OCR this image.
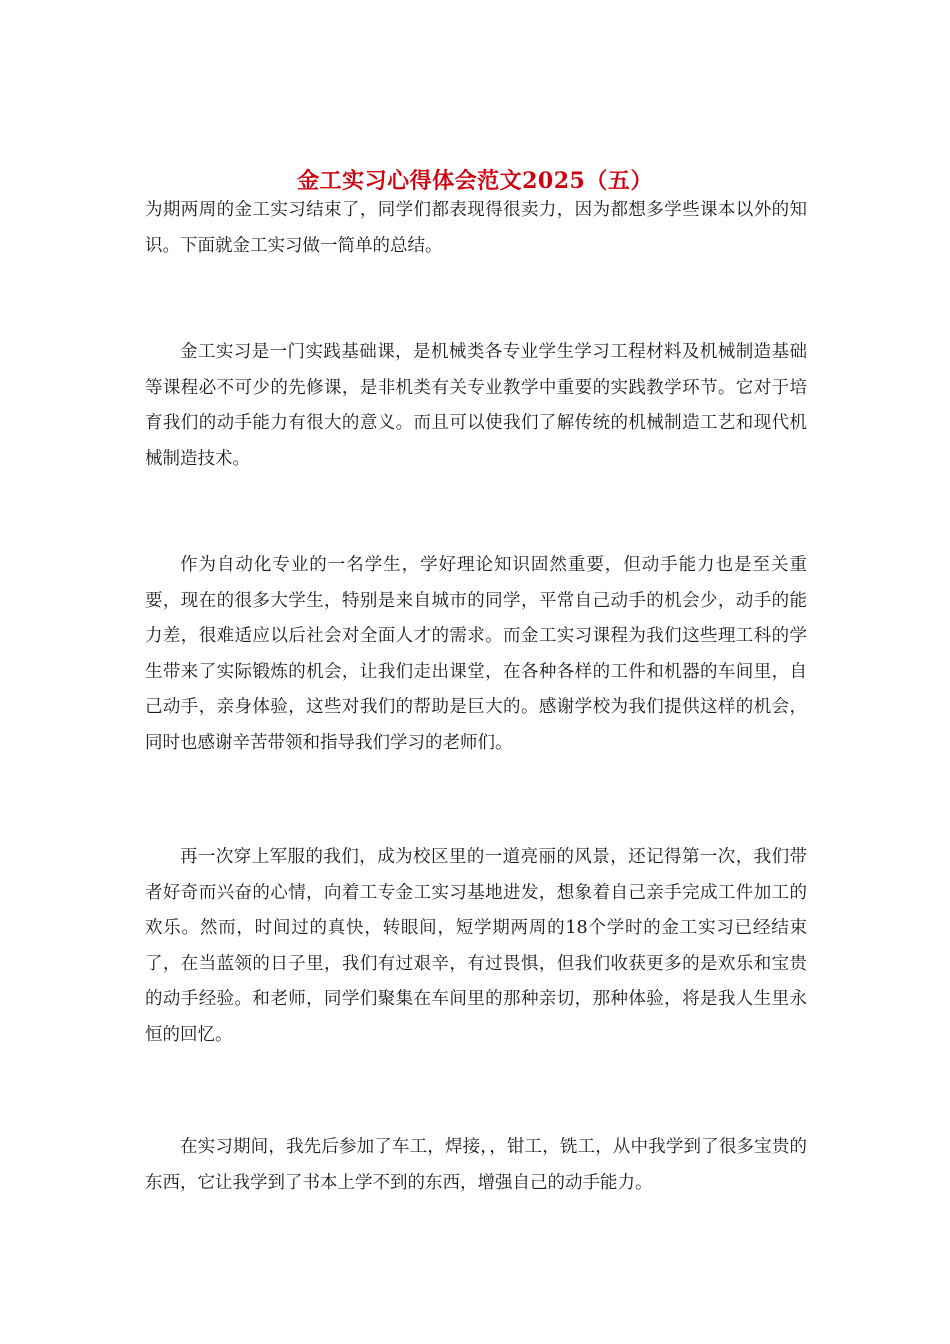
金工实习心得体会范文2025（五）

为期两周的金工实习结束了，同学们都表现得很卖力，因为都想多学些课本以外的知识。下面就金工实习做一简单的总结。

金工实习是一门实践基础课，是机械类各专业学生学习工程材料及机械制造基础等课程必不可少的先修课，是非机类有关专业教学中重要的实践教学环节。它对于培育我们的动手能力有很大的意义。而且可以使我们了解传统的机械制造工艺和现代机械制造技术。

作为自动化专业的一名学生，学好理论知识固然重要，但动手能力也是至关重要，现在的很多大学生，特别是来自城市的同学，平常自己动手的机会少，动手的能力差，很难适应以后社会对全面人才的需求。而金工实习课程为我们这些理工科的学生带来了实际锻炼的机会，让我们走出课堂，在各种各样的工件和机器的车间里，自己动手，亲身体验，这些对我们的帮助是巨大的。感谢学校为我们提供这样的机会，同时也感谢辛苦带领和指导我们学习的老师们。

再一次穿上军服的我们，成为校区里的一道亮丽的风景，还记得第一次，我们带者好奇而兴奋的心情，向着工专金工实习基地进发，想象着自己亲手完成工件加工的欢乐。然而，时间过的真快，转眼间，短学期两周的18个学时的金工实习已经结束了，在当蓝领的日子里，我们有过艰辛，有过畏惧，但我们收获更多的是欢乐和宝贵的动手经验。和老师，同学们聚集在车间里的那种亲切，那种体验，将是我人生里永恒的回忆。

在实习期间，我先后参加了车工，焊接，，钳工，铣工，从中我学到了很多宝贵的东西，它让我学到了书本上学不到的东西，增强自己的动手能力。
